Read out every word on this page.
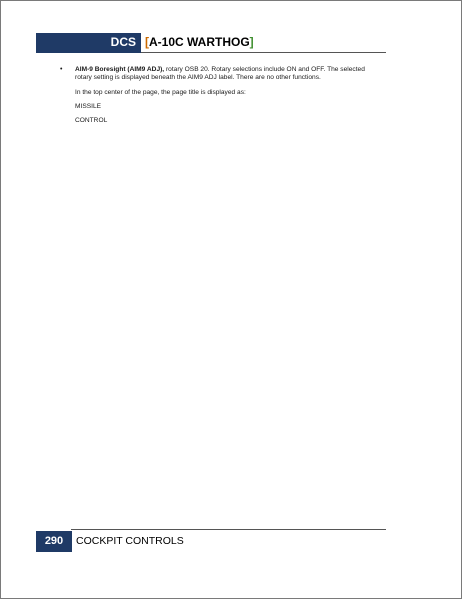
DCS [A-10C WARTHOG]
• AIM-9 Boresight (AIM9 ADJ), rotary OSB 20. Rotary selections include ON and OFF. The selected rotary setting is displayed beneath the AIM9 ADJ label. There are no other functions.
In the top center of the page, the page title is displayed as:
MISSILE
CONTROL
290	COCKPIT CONTROLS
